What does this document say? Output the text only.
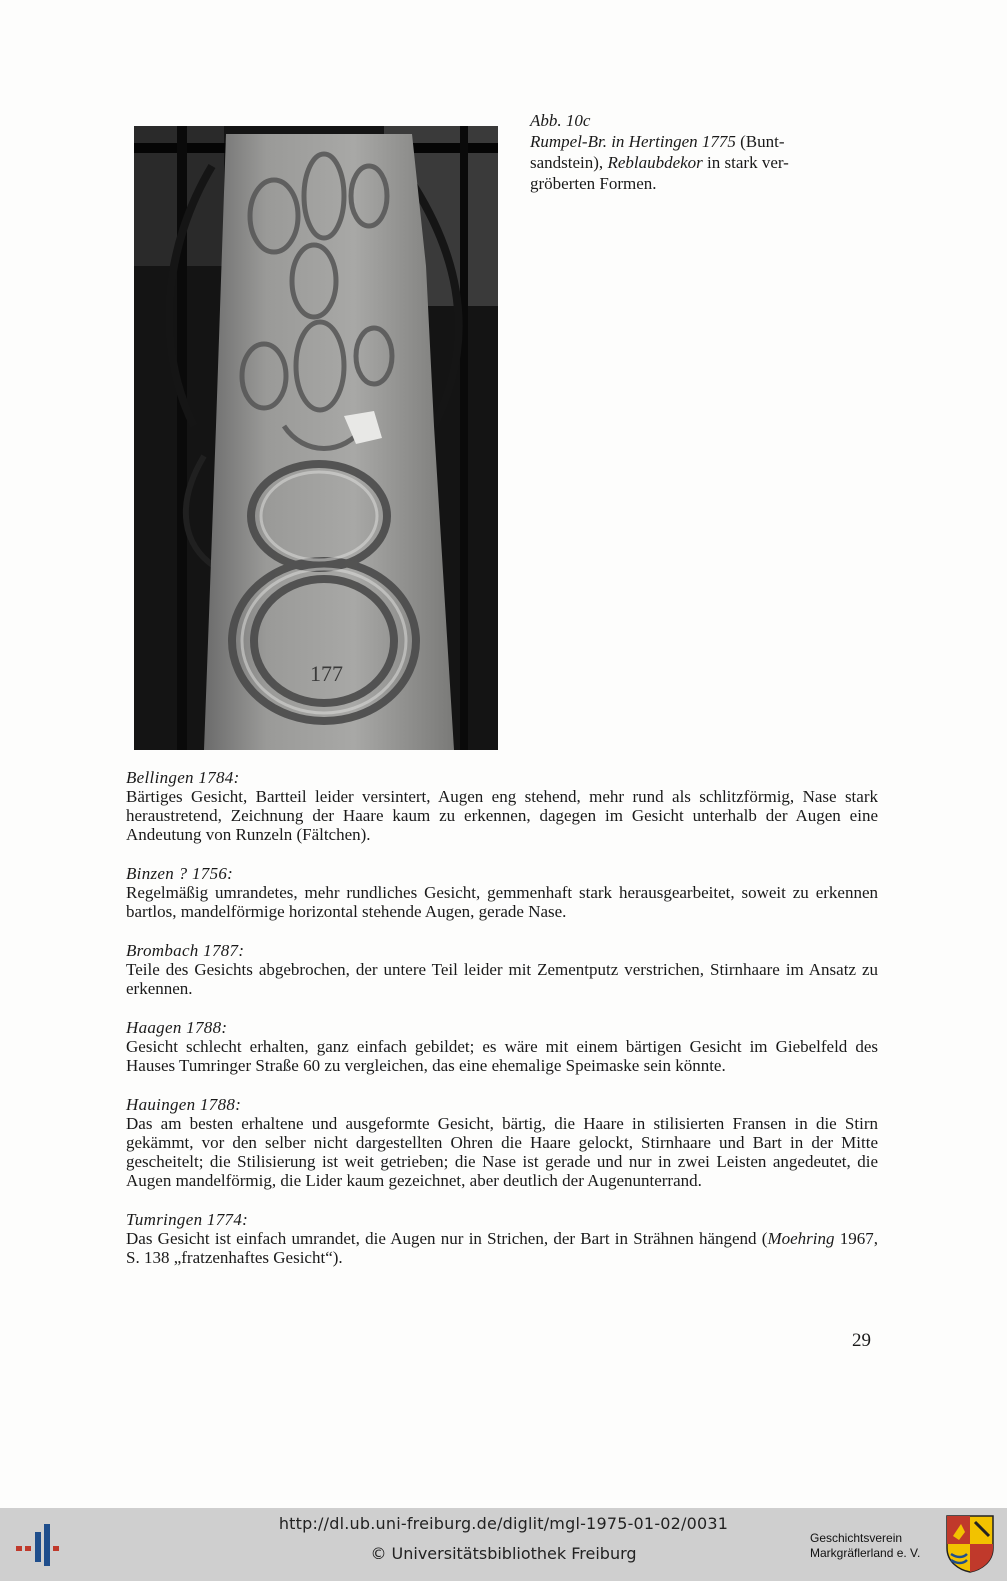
177
Abb. 10c
Rumpel-Br. in Hertingen 1775 (Bunt-
sandstein), Reblaubdekor in stark ver-
gröberten Formen.
Bellingen 1784:
Bärtiges Gesicht, Bartteil leider versintert, Augen eng stehend, mehr rund als schlitzförmig, Nase stark heraustretend, Zeichnung der Haare kaum zu erkennen, dagegen im Gesicht unterhalb der Augen eine Andeutung von Runzeln (Fältchen).
Binzen ? 1756:
Regelmäßig umrandetes, mehr rundliches Gesicht, gemmenhaft stark herausgearbeitet, soweit zu erkennen bartlos, mandelförmige horizontal stehende Augen, gerade Nase.
Brombach 1787:
Teile des Gesichts abgebrochen, der untere Teil leider mit Zementputz verstrichen, Stirnhaare im Ansatz zu erkennen.
Haagen 1788:
Gesicht schlecht erhalten, ganz einfach gebildet; es wäre mit einem bärtigen Gesicht im Giebelfeld des Hauses Tumringer Straße 60 zu vergleichen, das eine ehemalige Speimaske sein könnte.
Hauingen 1788:
Das am besten erhaltene und ausgeformte Gesicht, bärtig, die Haare in stilisierten Fransen in die Stirn gekämmt, vor den selber nicht dargestellten Ohren die Haare gelockt, Stirnhaare und Bart in der Mitte gescheitelt; die Stilisierung ist weit getrieben; die Nase ist gerade und nur in zwei Leisten angedeutet, die Augen mandelförmig, die Lider kaum gezeichnet, aber deutlich der Augenunterrand.
Tumringen 1774:
Das Gesicht ist einfach umrandet, die Augen nur in Strichen, der Bart in Strähnen hängend (Moehring 1967, S. 138 „fratzenhaftes Gesicht“).
29
http://dl.ub.uni-freiburg.de/diglit/mgl-1975-01-02/0031
© Universitätsbibliothek Freiburg
Geschichtsverein
Markgräflerland e. V.
